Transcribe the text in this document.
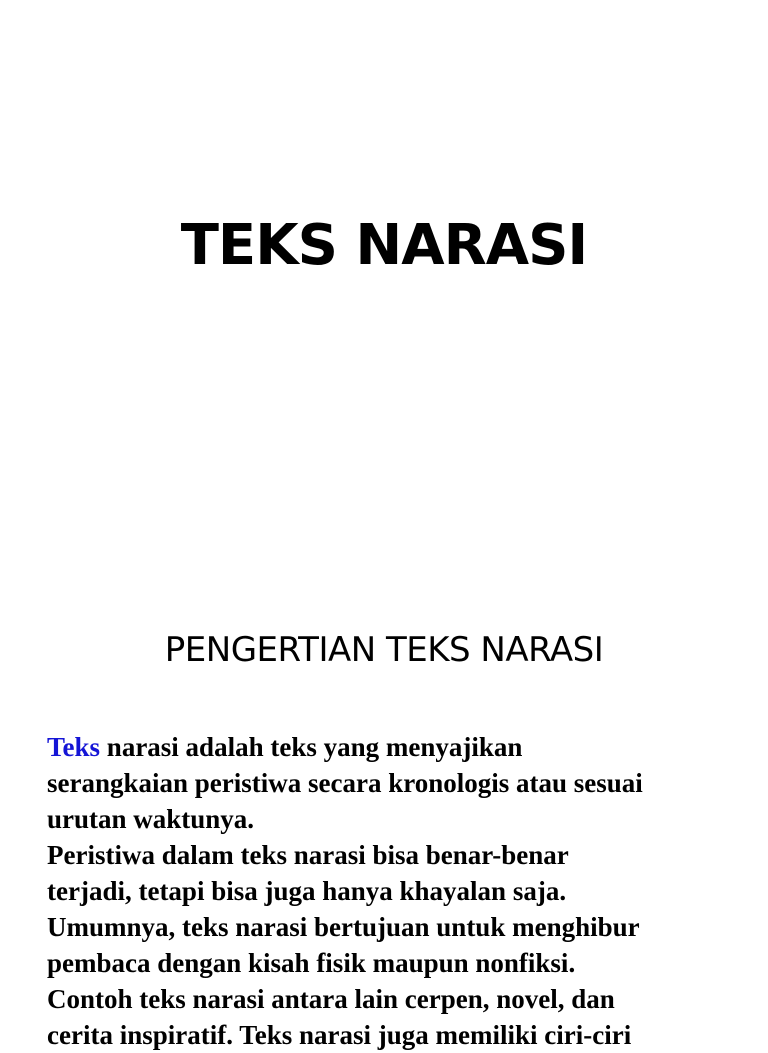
TEKS NARASI
PENGERTIAN TEKS NARASI
Teks narasi adalah teks yang menyajikan
serangkaian peristiwa secara kronologis atau sesuai
urutan waktunya.
Peristiwa dalam teks narasi bisa benar-benar
terjadi, tetapi bisa juga hanya khayalan saja.
Umumnya, teks narasi bertujuan untuk menghibur
pembaca dengan kisah fisik maupun nonfiksi.
Contoh teks narasi antara lain cerpen, novel, dan
cerita inspiratif. Teks narasi juga memiliki ciri-ciri
